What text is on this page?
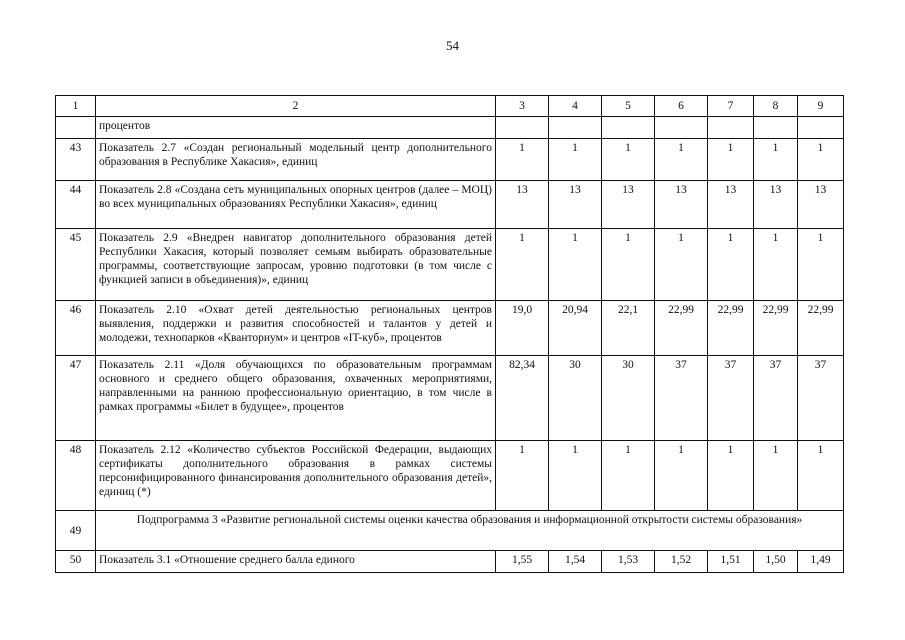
54
1	2	3	4	5	6	7	8	9
	процентов							
43	Показатель 2.7 «Создан региональный модельный центр дополнительного образования в Республике Хакасия», единиц	1	1	1	1	1	1	1
44	Показатель 2.8 «Создана сеть муниципальных опорных центров (далее – МОЦ) во всех муниципальных образованиях Республики Хакасия», единиц	13	13	13	13	13	13	13
45	Показатель 2.9 «Внедрен навигатор дополнительного образования детей Республики Хакасия, который позволяет семьям выбирать образовательные программы, соответствующие запросам, уровню подготовки (в том числе с функцией записи в объединения)», единиц	1	1	1	1	1	1	1
46	Показатель 2.10 «Охват детей деятельностью региональных центров выявления, поддержки и развития способностей и талантов у детей и молодежи, технопарков «Кванториум» и центров «IT-куб», процентов	19,0	20,94	22,1	22,99	22,99	22,99	22,99
47	Показатель 2.11 «Доля обучающихся по образовательным программам основного и среднего общего образования, охваченных мероприятиями, направленными на раннюю профессиональную ориентацию, в том числе в рамках программы «Билет в будущее», процентов	82,34	30	30	37	37	37	37
48	Показатель 2.12 «Количество субъектов Российской Федерации, выдающих сертификаты дополнительного образования в рамках системы персонифицированного финансирования дополнительного образования детей», единиц (*)	1	1	1	1	1	1	1
49	Подпрограмма 3 «Развитие региональной системы оценки качества образования и информационной открытости системы образования»							
50	Показатель 3.1 «Отношение среднего балла единого	1,55	1,54	1,53	1,52	1,51	1,50	1,49
